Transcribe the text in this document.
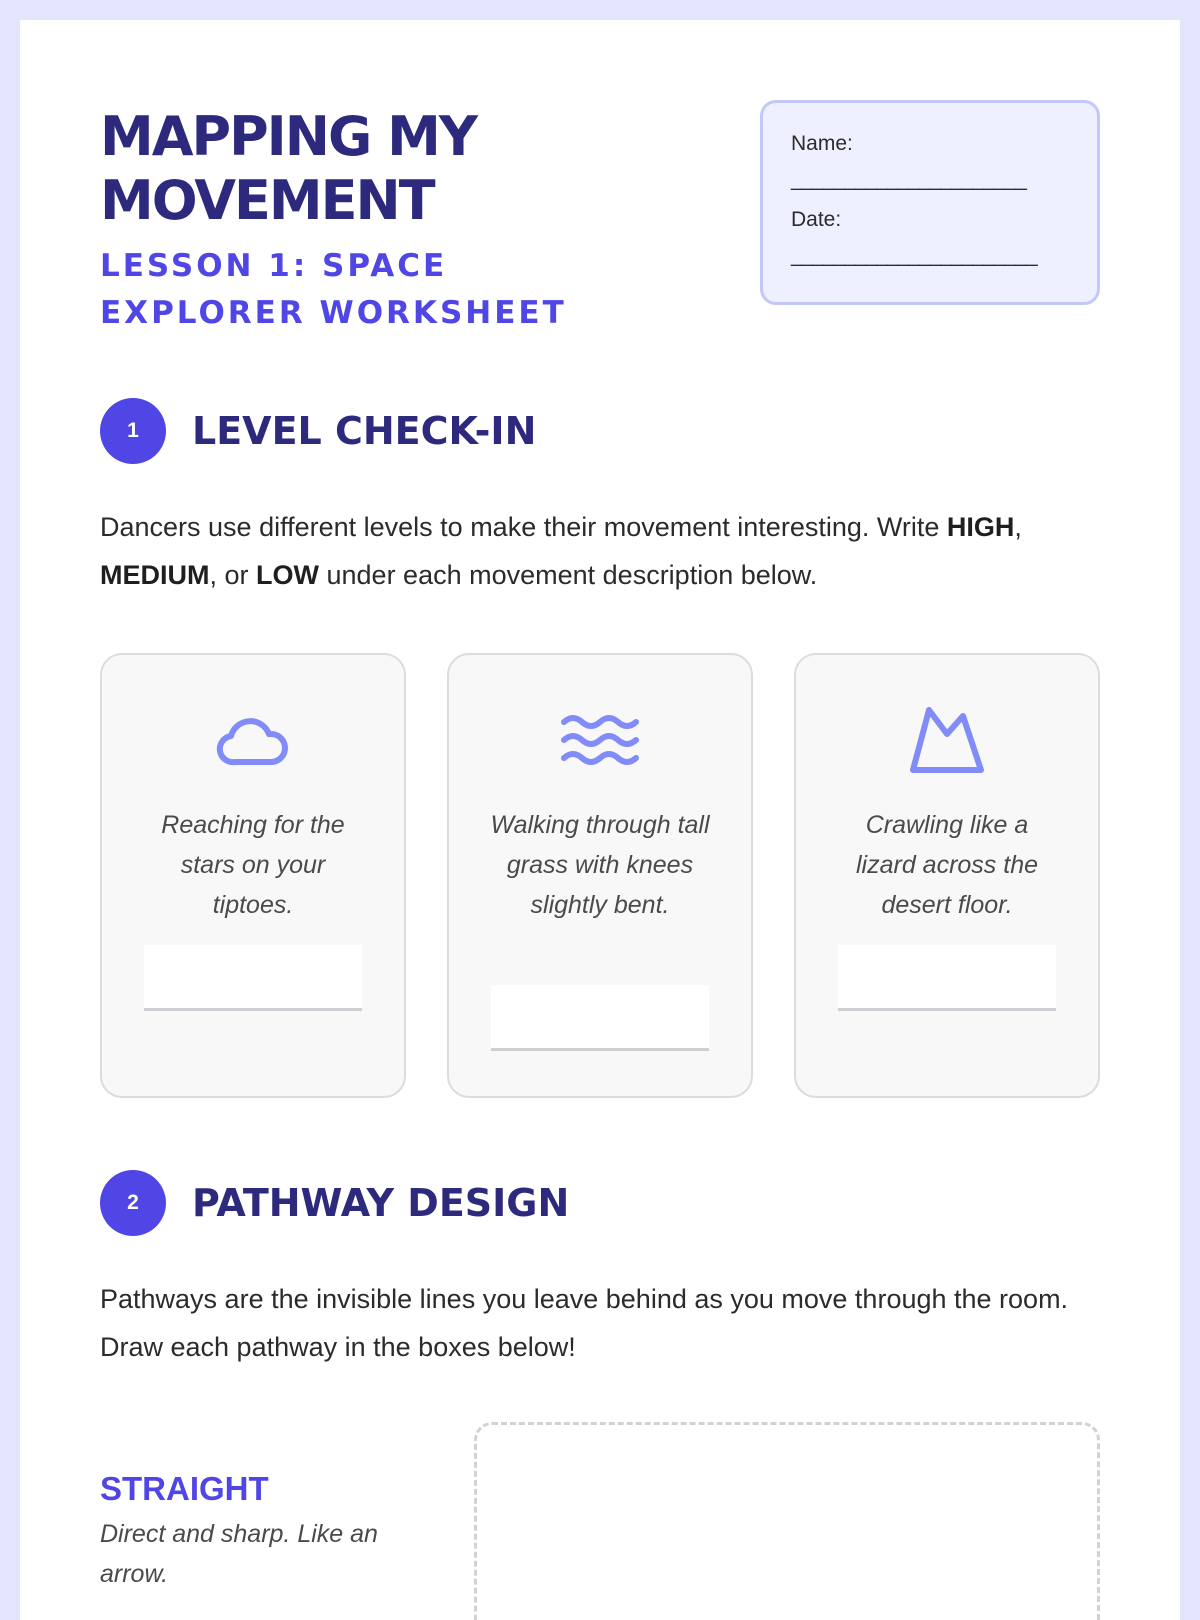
MAPPING MY MOVEMENT
LESSON 1: SPACE EXPLORER WORKSHEET
Name:
______________________
Date:
_______________________
1	LEVEL CHECK-IN

Dancers use different levels to make their movement interesting. Write HIGH, MEDIUM, or LOW under each movement description below.

Reaching for the stars on your tiptoes.
Walking through tall grass with knees slightly bent.
Crawling like a lizard across the desert floor.
2	PATHWAY DESIGN

Pathways are the invisible lines you leave behind as you move through the room. Draw each pathway in the boxes below!

STRAIGHT
Direct and sharp. Like an arrow.
